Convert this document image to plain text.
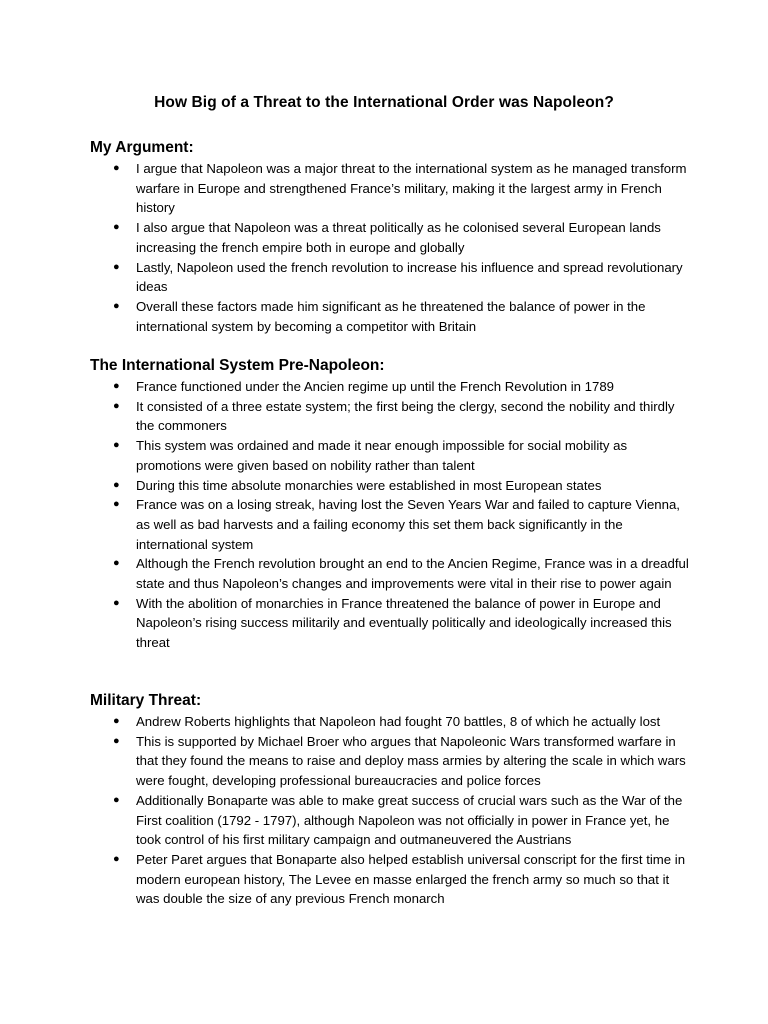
How Big of a Threat to the International Order was Napoleon?
My Argument:
● I argue that Napoleon was a major threat to the international system as he managed transform warfare in Europe and strengthened France’s military, making it the largest army in French history
● I also argue that Napoleon was a threat politically as he colonised several European lands increasing the french empire both in europe and globally
● Lastly, Napoleon used the french revolution to increase his influence and spread revolutionary ideas
● Overall these factors made him significant as he threatened the balance of power in the international system by becoming a competitor with Britain
The International System Pre-Napoleon:
● France functioned under the Ancien regime up until the French Revolution in 1789
● It consisted of a three estate system; the first being the clergy, second the nobility and thirdly the commoners
● This system was ordained and made it near enough impossible for social mobility as promotions were given based on nobility rather than talent
● During this time absolute monarchies were established in most European states
● France was on a losing streak, having lost the Seven Years War and failed to capture Vienna, as well as bad harvests and a failing economy this set them back significantly in the international system
● Although the French revolution brought an end to the Ancien Regime, France was in a dreadful state and thus Napoleon’s changes and improvements were vital in their rise to power again
● With the abolition of monarchies in France threatened the balance of power in Europe and Napoleon’s rising success militarily and eventually politically and ideologically increased this threat
Military Threat:
● Andrew Roberts highlights that Napoleon had fought 70 battles, 8 of which he actually lost
● This is supported by Michael Broer who argues that Napoleonic Wars transformed warfare in that they found the means to raise and deploy mass armies by altering the scale in which wars were fought, developing professional bureaucracies and police forces
● Additionally Bonaparte was able to make great success of crucial wars such as the War of the First coalition (1792 - 1797), although Napoleon was not officially in power in France yet, he took control of his first military campaign and outmaneuvered the Austrians
● Peter Paret argues that Bonaparte also helped establish universal conscript for the first time in modern european history, The Levee en masse enlarged the french army so much so that it was double the size of any previous French monarch
